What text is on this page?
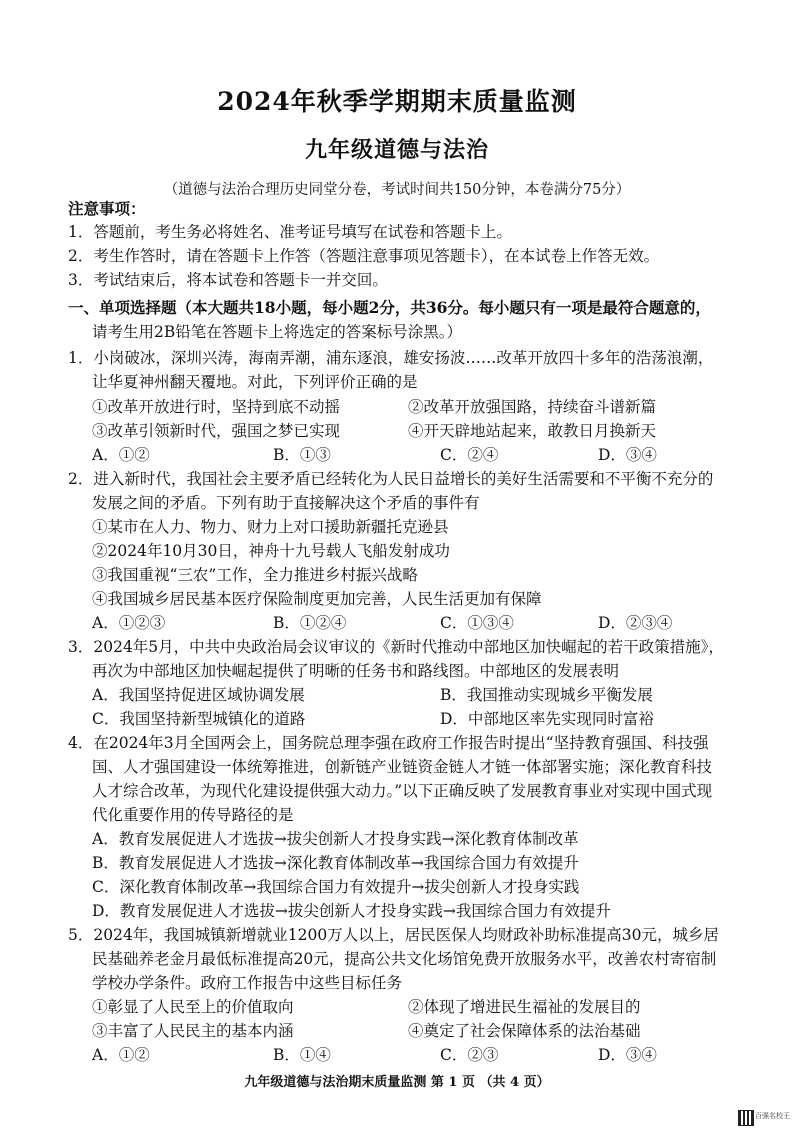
2024年秋季学期期末质量监测
九年级道德与法治
（道德与法治合理历史同堂分卷，考试时间共150分钟，本卷满分75分）
注意事项：
1．答题前，考生务必将姓名、准考证号填写在试卷和答题卡上。
2．考生作答时，请在答题卡上作答（答题注意事项见答题卡），在本试卷上作答无效。
3．考试结束后，将本试卷和答题卡一并交回。
一、单项选择题（本大题共18小题，每小题2分，共36分。每小题只有一项是最符合题意的，
请考生用2B铅笔在答题卡上将选定的答案标号涂黑。）
1．小岗破冰，深圳兴涛，海南弄潮，浦东逐浪，雄安扬波……改革开放四十多年的浩荡浪潮，
让华夏神州翻天覆地。对此，下列评价正确的是
①改革开放进行时，坚持到底不动摇	②改革开放强国路，持续奋斗谱新篇
③改革引领新时代，强国之梦已实现	④开天辟地站起来，敢教日月换新天
A．①②	B．①③	C．②④	D．③④
2．进入新时代，我国社会主要矛盾已经转化为人民日益增长的美好生活需要和不平衡不充分的
发展之间的矛盾。下列有助于直接解决这个矛盾的事件有
①某市在人力、物力、财力上对口援助新疆托克逊县
②2024年10月30日，神舟十九号载人飞船发射成功
③我国重视“三农”工作，全力推进乡村振兴战略
④我国城乡居民基本医疗保险制度更加完善，人民生活更加有保障
A．①②③	B．①②④	C．①③④	D．②③④
3．2024年5月，中共中央政治局会议审议的《新时代推动中部地区加快崛起的若干政策措施》，
再次为中部地区加快崛起提供了明晰的任务书和路线图。中部地区的发展表明
A．我国坚持促进区域协调发展	B．我国推动实现城乡平衡发展
C．我国坚持新型城镇化的道路	D．中部地区率先实现同时富裕
4．在2024年3月全国两会上，国务院总理李强在政府工作报告时提出“坚持教育强国、科技强
国、人才强国建设一体统筹推进，创新链产业链资金链人才链一体部署实施；深化教育科技
人才综合改革，为现代化建设提供强大动力。”以下正确反映了发展教育事业对实现中国式现
代化重要作用的传导路径的是
A．教育发展促进人才选拔→拔尖创新人才投身实践→深化教育体制改革
B．教育发展促进人才选拔→深化教育体制改革→我国综合国力有效提升
C．深化教育体制改革→我国综合国力有效提升→拔尖创新人才投身实践
D．教育发展促进人才选拔→拔尖创新人才投身实践→我国综合国力有效提升
5．2024年，我国城镇新增就业1200万人以上，居民医保人均财政补助标准提高30元，城乡居
民基础养老金月最低标准提高20元，提高公共文化场馆免费开放服务水平，改善农村寄宿制
学校办学条件。政府工作报告中这些目标任务
①彰显了人民至上的价值取向	②体现了增进民生福祉的发展目的
③丰富了人民民主的基本内涵	④奠定了社会保障体系的法治基础
A．①②	B．①④	C．②③	D．③④
九年级道德与法治期末质量监测 第 1 页 （共 4 页）
百强名校王
